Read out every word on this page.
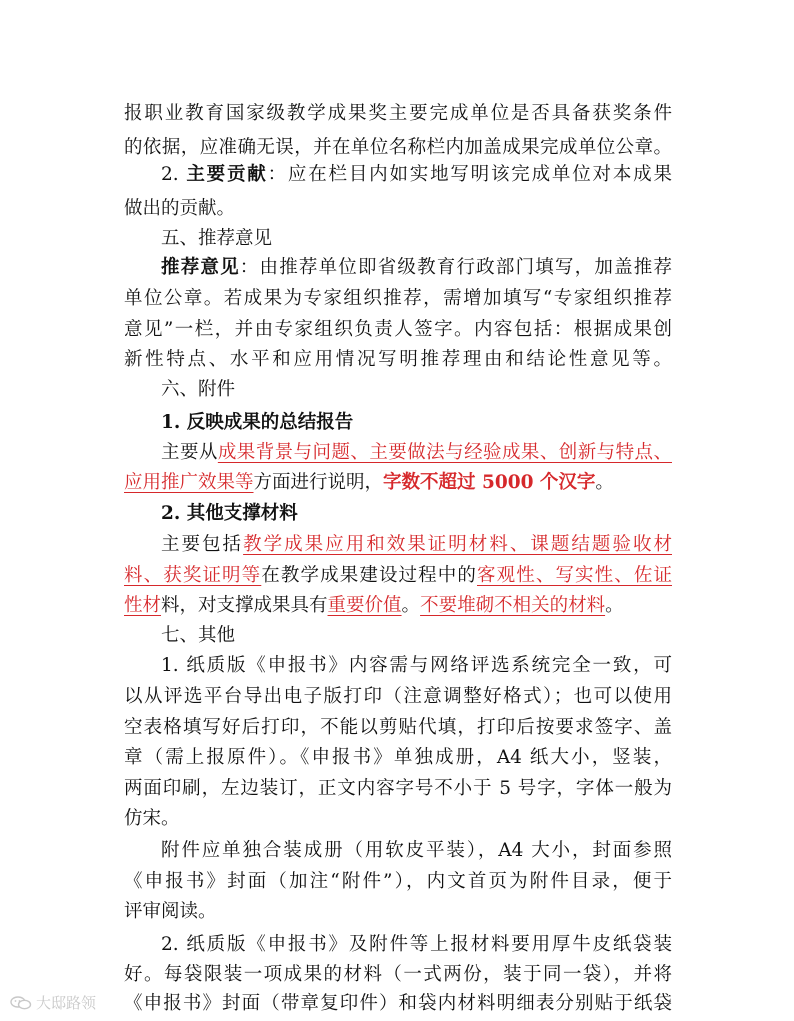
报职业教育国家级教学成果奖主要完成单位是否具备获奖条件
的依据，应准确无误，并在单位名称栏内加盖成果完成单位公章。
2. 主要贡献：应在栏目内如实地写明该完成单位对本成果
做出的贡献。
五、推荐意见
推荐意见：由推荐单位即省级教育行政部门填写，加盖推荐
单位公章。若成果为专家组织推荐，需增加填写“专家组织推荐
意见”一栏，并由专家组织负责人签字。内容包括：根据成果创
新性特点、水平和应用情况写明推荐理由和结论性意见等。
六、附件
1. 反映成果的总结报告
主要从成果背景与问题、主要做法与经验成果、创新与特点、
应用推广效果等方面进行说明，字数不超过 5000 个汉字。
2. 其他支撑材料
主要包括教学成果应用和效果证明材料、课题结题验收材
料、获奖证明等在教学成果建设过程中的客观性、写实性、佐证
性材料，对支撑成果具有重要价值。不要堆砌不相关的材料。
七、其他
1. 纸质版《申报书》内容需与网络评选系统完全一致，可
以从评选平台导出电子版打印（注意调整好格式）；也可以使用
空表格填写好后打印，不能以剪贴代填，打印后按要求签字、盖
章（需上报原件）。《申报书》单独成册，A4 纸大小，竖装，
两面印刷，左边装订，正文内容字号不小于 5 号字，字体一般为
仿宋。
附件应单独合装成册（用软皮平装），A4 大小，封面参照
《申报书》封面（加注“附件”），内文首页为附件目录，便于
评审阅读。
2. 纸质版《申报书》及附件等上报材料要用厚牛皮纸袋装
好。每袋限装一项成果的材料（一式两份，装于同一袋），并将
《申报书》封面（带章复印件）和袋内材料明细表分别贴于纸袋
大邸路领
